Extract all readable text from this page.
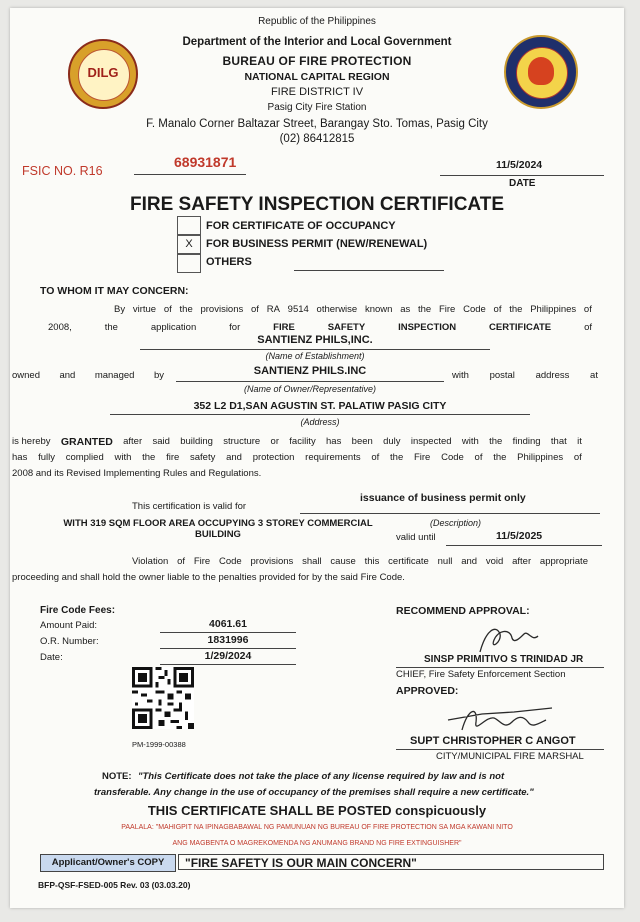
DILG
Republic of the Philippines
Department of the Interior and Local Government
BUREAU OF FIRE PROTECTION
NATIONAL CAPITAL REGION
FIRE DISTRICT IV
Pasig City Fire Station
F. Manalo Corner Baltazar Street, Barangay Sto. Tomas, Pasig City
(02) 86412815
FSIC NO. R16
68931871	11/5/2024
DATE
FIRE SAFETY INSPECTION CERTIFICATE
FOR CERTIFICATE OF OCCUPANCY
X	FOR BUSINESS PERMIT (NEW/RENEWAL)
OTHERS
TO WHOM IT MAY CONCERN:
By virtue of the provisions of RA 9514 otherwise known as the Fire Code of the Philippines of
2008,	the	application	for	FIRE	SAFETY	INSPECTION	CERTIFICATE	of
SANTIENZ PHILS,INC.
(Name of Establishment)
owned and managed by	SANTIENZ PHILS.INC	with postal address at
(Name of Owner/Representative)
352 L2 D1,SAN AGUSTIN ST. PALATIW PASIG CITY
(Address)
is hereby GRANTED after said building structure or facility has been duly inspected with the finding that it
has fully complied with the fire safety and protection requirements of the Fire Code of the Philippines of
2008 and its Revised Implementing Rules and Regulations.
This certification is valid for
issuance of business permit only
WITH 319 SQM FLOOR AREA OCCUPYING 3 STOREY COMMERCIAL
BUILDING
(Description)
valid until	11/5/2025
Violation of Fire Code provisions shall cause this certificate null and void after appropriate
proceeding and shall hold the owner liable to the penalties provided for by the said Fire Code.
Fire Code Fees:
Amount Paid:	4061.61
O.R. Number:	1831996
Date:	1/29/2024
PM-1999-00388
RECOMMEND APPROVAL:
SINSP PRIMITIVO S TRINIDAD JR
CHIEF, Fire Safety Enforcement Section
APPROVED:
SUPT CHRISTOPHER C ANGOT
CITY/MUNICIPAL FIRE MARSHAL
NOTE: "This Certificate does not take the place of any license required by law and is not
transferable. Any change in the use of occupancy of the premises shall require a new certificate."
THIS CERTIFICATE SHALL BE POSTED conspicuously
PAALALA: "MAHIGPIT NA IPINAGBABAWAL NG PAMUNUAN NG BUREAU OF FIRE PROTECTION SA MGA KAWANI NITO
ANG MAGBENTA O MAGREKOMENDA NG ANUMANG BRAND NG FIRE EXTINGUISHER"
Applicant/Owner's COPY	"FIRE SAFETY IS OUR MAIN CONCERN"
BFP-QSF-FSED-005 Rev. 03 (03.03.20)
